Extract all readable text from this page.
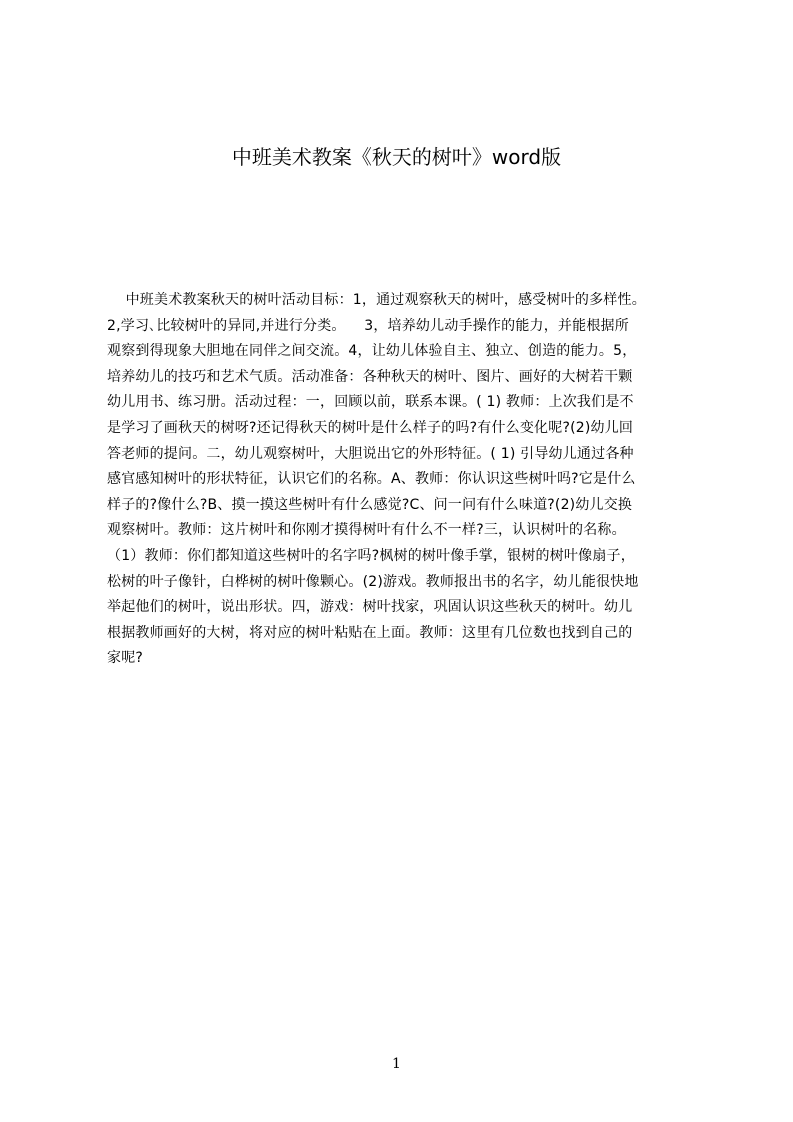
中班美术教案《秋天的树叶》word版
中班美术教案秋天的树叶活动目标：1，通过观察秋天的树叶，感受树叶的多样性。
2,学习､比较树叶的异同,并进行分类。    3，培养幼儿动手操作的能力，并能根据所
观察到得现象大胆地在同伴之间交流。4，让幼儿体验自主、独立、创造的能力。5，
培养幼儿的技巧和艺术气质。活动准备：各种秋天的树叶、图片、画好的大树若干颗
幼儿用书、练习册。活动过程：一，回顾以前，联系本课。( 1) 教师：上次我们是不
是学习了画秋天的树呀?还记得秋天的树叶是什么样子的吗?有什么变化呢?(2)幼儿回
答老师的提问。二，幼儿观察树叶，大胆说出它的外形特征。( 1) 引导幼儿通过各种
感官感知树叶的形状特征，认识它们的名称。A、教师：你认识这些树叶吗?它是什么
样子的?像什么?B、摸一摸这些树叶有什么感觉?C、问一问有什么味道?(2)幼儿交换
观察树叶。教师：这片树叶和你刚才摸得树叶有什么不一样?三，认识树叶的名称。
（1）教师：你们都知道这些树叶的名字吗?枫树的树叶像手掌，银树的树叶像扇子，
松树的叶子像针，白桦树的树叶像颗心。(2)游戏。教师报出书的名字，幼儿能很快地
举起他们的树叶，说出形状。四，游戏：树叶找家，巩固认识这些秋天的树叶。幼儿
根据教师画好的大树，将对应的树叶粘贴在上面。教师：这里有几位数也找到自己的
家呢?
1
